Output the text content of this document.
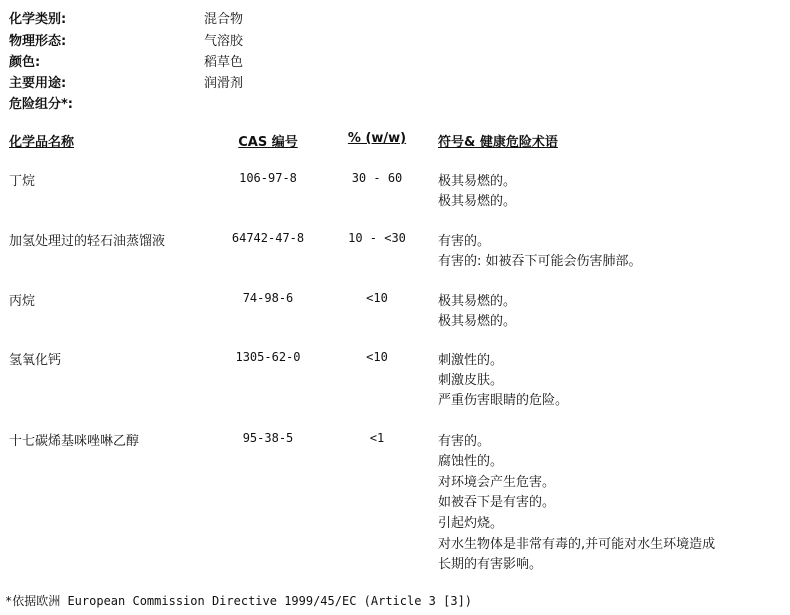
化学类别:	混合物
物理形态:	气溶胶
颜色:	稻草色
主要用途:	润滑剂
危险组分*:
化学品名称	CAS 编号	% (w/w)	符号& 健康危险术语
丁烷	106-97-8	30 - 60	极其易燃的。
极其易燃的。
加氢处理过的轻石油蒸馏液	64742-47-8	10 - <30	有害的。
有害的: 如被吞下可能会伤害肺部。
丙烷	74-98-6	<10	极其易燃的。
极其易燃的。
氢氧化钙	1305-62-0	<10	刺激性的。
刺激皮肤。
严重伤害眼睛的危险。
十七碳烯基咪唑啉乙醇	95-38-5	<1	有害的。
腐蚀性的。
对环境会产生危害。
如被吞下是有害的。
引起灼烧。
对水生物体是非常有毒的,并可能对水生环境造成
长期的有害影响。
*依据欧洲 European Commission Directive 1999/45/EC (Article 3 [3])
